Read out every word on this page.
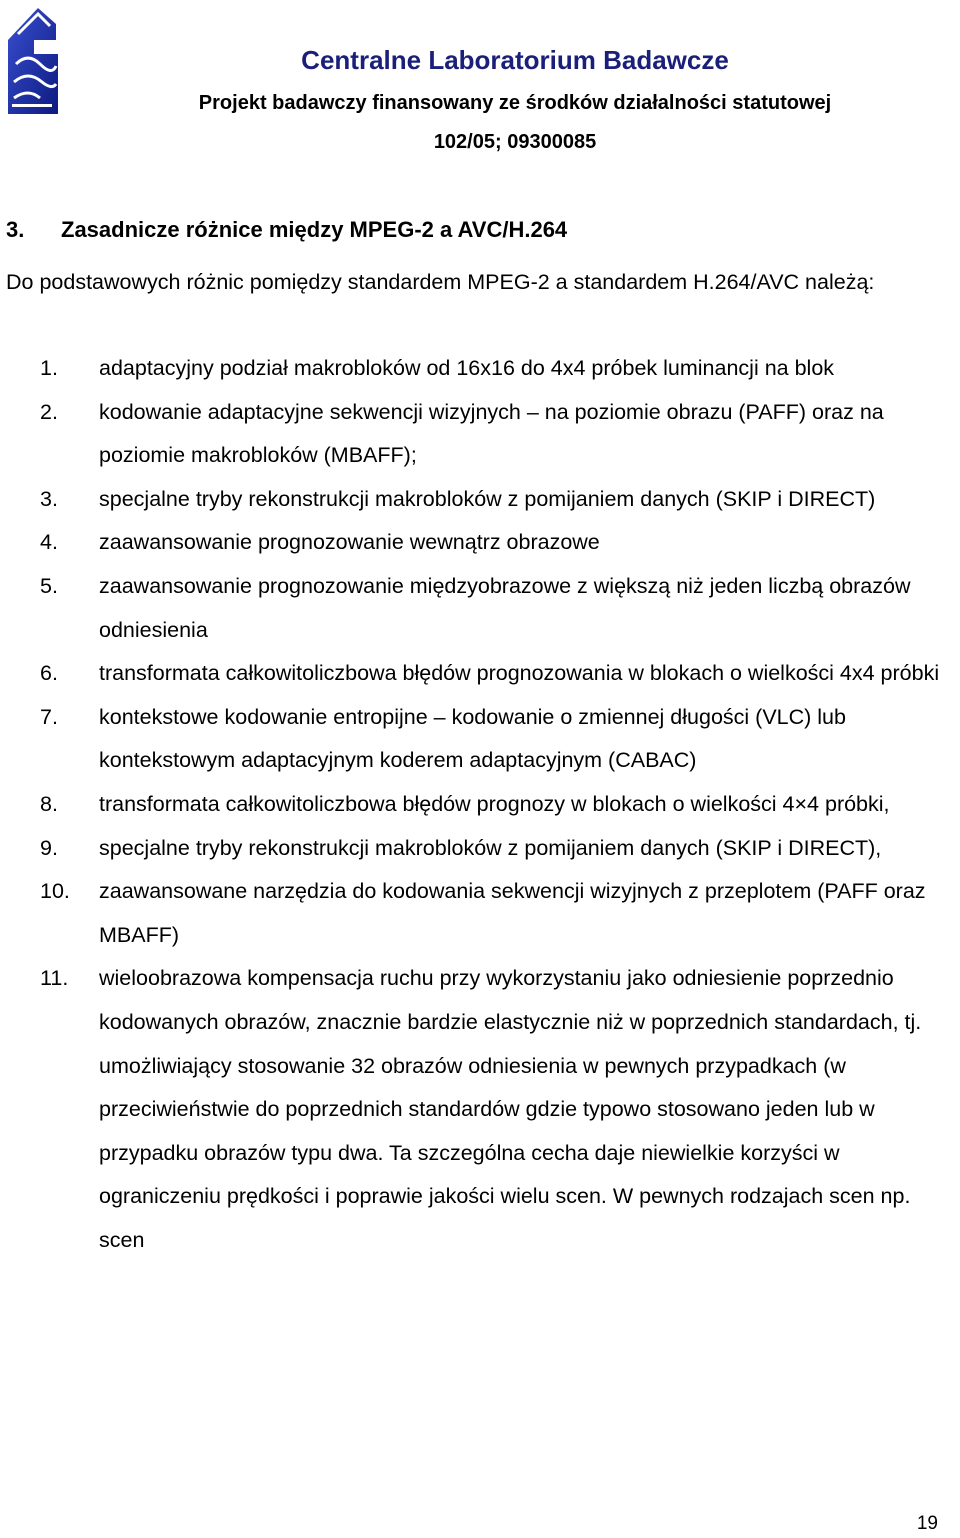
Centralne Laboratorium Badawcze
Projekt badawczy finansowany ze środków działalności statutowej
102/05; 09300085
3. Zasadnicze różnice między MPEG-2 a AVC/H.264
Do podstawowych różnic pomiędzy standardem MPEG-2 a standardem H.264/AVC należą:
1. adaptacyjny podział makrobloków od 16x16 do 4x4 próbek luminancji na blok
2. kodowanie adaptacyjne sekwencji wizyjnych – na poziomie obrazu (PAFF) oraz na poziomie makrobloków (MBAFF);
3. specjalne tryby rekonstrukcji makrobloków z pomijaniem danych (SKIP i DIRECT)
4. zaawansowanie prognozowanie wewnątrz obrazowe
5. zaawansowanie prognozowanie międzyobrazowe z większą niż jeden liczbą obrazów odniesienia
6. transformata całkowitoliczbowa błędów prognozowania w blokach o wielkości 4x4 próbki
7. kontekstowe kodowanie entropijne – kodowanie o zmiennej długości (VLC) lub kontekstowym adaptacyjnym koderem adaptacyjnym (CABAC)
8. transformata całkowitoliczbowa błędów prognozy w blokach o wielkości 4×4 próbki,
9. specjalne tryby rekonstrukcji makrobloków z pomijaniem danych (SKIP i DIRECT),
10. zaawansowane narzędzia do kodowania sekwencji wizyjnych z przeplotem (PAFF oraz MBAFF)
11. wieloobrazowa kompensacja ruchu przy wykorzystaniu jako odniesienie poprzednio kodowanych obrazów, znacznie bardzie elastycznie niż w poprzednich standardach, tj. umożliwiający stosowanie 32 obrazów odniesienia w pewnych przypadkach (w przeciwieństwie do poprzednich standardów gdzie typowo stosowano jeden lub w przypadku obrazów typu dwa. Ta szczególna cecha daje niewielkie korzyści w ograniczeniu prędkości i poprawie jakości wielu scen. W pewnych rodzajach scen np. scen
19
